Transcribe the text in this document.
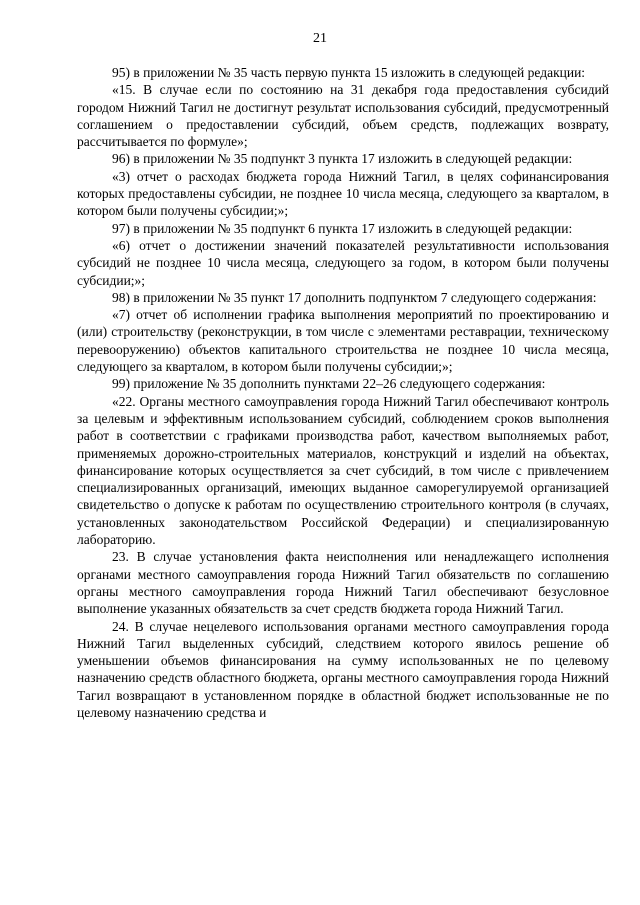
21

95) в приложении № 35 часть первую пункта 15 изложить в следующей редакции:

«15. В случае если по состоянию на 31 декабря года предоставления субсидий городом Нижний Тагил не достигнут результат использования субсидий, предусмотренный соглашением о предоставлении субсидий, объем средств, подлежащих возврату, рассчитывается по формуле»;

96) в приложении № 35 подпункт 3 пункта 17 изложить в следующей редакции:

«3) отчет о расходах бюджета города Нижний Тагил, в целях софинансирования которых предоставлены субсидии, не позднее 10 числа месяца, следующего за кварталом, в котором были получены субсидии;»;

97) в приложении № 35 подпункт 6 пункта 17 изложить в следующей редакции:

«6) отчет о достижении значений показателей результативности использования субсидий не позднее 10 числа месяца, следующего за годом, в котором были получены субсидии;»;

98) в приложении № 35 пункт 17 дополнить подпунктом 7 следующего содержания:

«7) отчет об исполнении графика выполнения мероприятий по проектированию и (или) строительству (реконструкции, в том числе с элементами реставрации, техническому перевооружению) объектов капитального строительства не позднее 10 числа месяца, следующего за кварталом, в котором были получены субсидии;»;

99) приложение № 35 дополнить пунктами 22–26 следующего содержания:

«22. Органы местного самоуправления города Нижний Тагил обеспечивают контроль за целевым и эффективным использованием субсидий, соблюдением сроков выполнения работ в соответствии с графиками производства работ, качеством выполняемых работ, применяемых дорожно-строительных материалов, конструкций и изделий на объектах, финансирование которых осуществляется за счет субсидий, в том числе с привлечением специализированных организаций, имеющих выданное саморегулируемой организацией свидетельство о допуске к работам по осуществлению строительного контроля (в случаях, установленных законодательством Российской Федерации) и специализированную лабораторию.

23. В случае установления факта неисполнения или ненадлежащего исполнения органами местного самоуправления города Нижний Тагил обязательств по соглашению органы местного самоуправления города Нижний Тагил обеспечивают безусловное выполнение указанных обязательств за счет средств бюджета города Нижний Тагил.

24. В случае нецелевого использования органами местного самоуправления города Нижний Тагил выделенных субсидий, следствием которого явилось решение об уменьшении объемов финансирования на сумму использованных не по целевому назначению средств областного бюджета, органы местного самоуправления города Нижний Тагил возвращают в установленном порядке в областной бюджет использованные не по целевому назначению средства и
